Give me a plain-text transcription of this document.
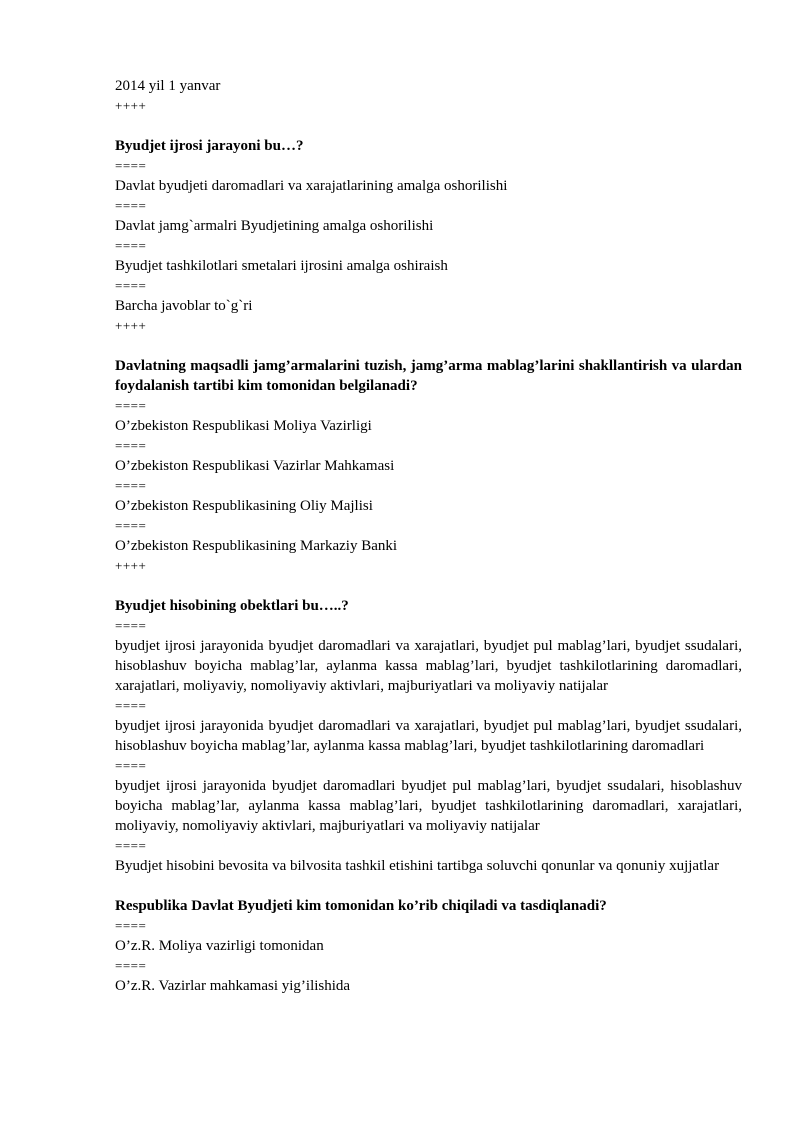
2014 yil 1 yanvar
++++
Byudjet ijrosi jarayoni bu…?
====
Davlat byudjeti daromadlari va xarajatlarining amalga oshorilishi
====
Davlat jamg`armalri Byudjetining amalga oshorilishi
====
Byudjet tashkilotlari smetalari ijrosini amalga oshiraish
====
Barcha javoblar to`g`ri
++++
Davlatning maqsadli jamg’armalarini tuzish, jamg’arma mablag’larini shakllantirish va ulardan foydalanish tartibi kim tomonidan belgilanadi?
====
O’zbekiston Respublikasi Moliya Vazirligi
====
O’zbekiston Respublikasi Vazirlar Mahkamasi
====
O’zbekiston Respublikasining Oliy Majlisi
====
O’zbekiston Respublikasining Markaziy Banki
++++
Byudjet hisobining obektlari bu…..?
====
byudjet ijrosi jarayonida byudjet daromadlari va xarajatlari, byudjet pul mablag’lari, byudjet ssudalari, hisoblashuv boyicha mablag’lar, aylanma kassa mablag’lari, byudjet tashkilotlarining daromadlari, xarajatlari, moliyaviy, nomoliyaviy aktivlari, majburiyatlari va moliyaviy natijalar
====
byudjet ijrosi jarayonida byudjet daromadlari va xarajatlari, byudjet pul mablag’lari, byudjet ssudalari, hisoblashuv boyicha mablag’lar, aylanma kassa mablag’lari, byudjet tashkilotlarining daromadlari
====
byudjet ijrosi jarayonida byudjet daromadlari byudjet pul mablag’lari, byudjet ssudalari, hisoblashuv boyicha mablag’lar, aylanma kassa mablag’lari, byudjet tashkilotlarining daromadlari, xarajatlari, moliyaviy, nomoliyaviy aktivlari, majburiyatlari va moliyaviy natijalar
====
Byudjet hisobini bevosita va bilvosita tashkil etishini tartibga soluvchi qonunlar va qonuniy xujjatlar
Respublika Davlat Byudjeti kim tomonidan ko’rib chiqiladi va tasdiqlanadi?
====
O’z.R. Moliya vazirligi tomonidan
====
O’z.R. Vazirlar mahkamasi yig’ilishida
